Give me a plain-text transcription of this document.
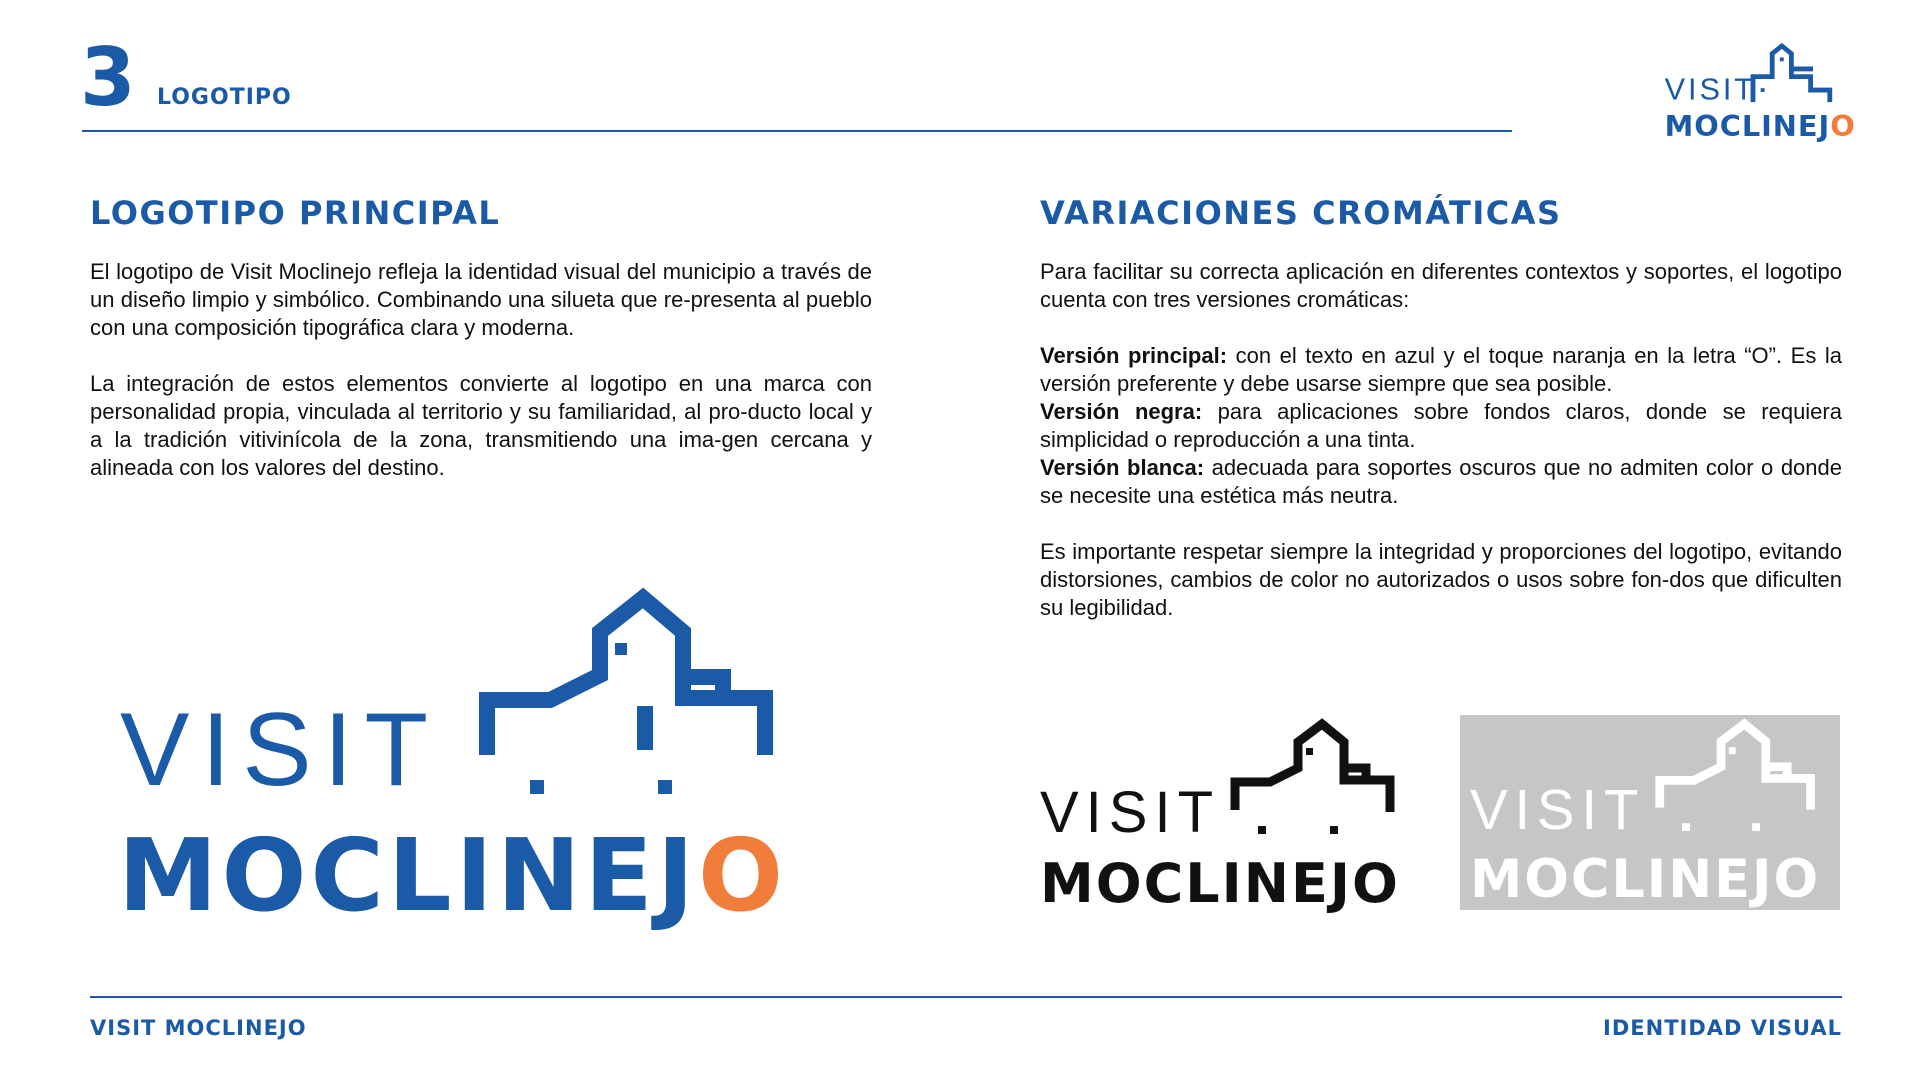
3 LOGOTIPO	VISIT
MOCLINEJO
LOGOTIPO PRINCIPAL

El logotipo de Visit Moclinejo refleja la identidad visual del municipio a través de un diseño limpio y simbólico. Combinando una silueta que re-presenta al pueblo con una composición tipográfica clara y moderna.

La integración de estos elementos convierte al logotipo en una marca con personalidad propia, vinculada al territorio y su familiaridad, al pro-ducto local y a la tradición vitivinícola de la zona, transmitiendo una ima-gen cercana y alineada con los valores del destino.

VISIT
MOCLINEJO
VARIACIONES CROMÁTICAS

Para facilitar su correcta aplicación en diferentes contextos y soportes, el logotipo cuenta con tres versiones cromáticas:

Versión principal: con el texto en azul y el toque naranja en la letra “O”. Es la versión preferente y debe usarse siempre que sea posible.
Versión negra: para aplicaciones sobre fondos claros, donde se requiera simplicidad o reproducción a una tinta.
Versión blanca: adecuada para soportes oscuros que no admiten color o donde se necesite una estética más neutra.

Es importante respetar siempre la integridad y proporciones del logotipo, evitando distorsiones, cambios de color no autorizados o usos sobre fon-dos que dificulten su legibilidad.

VISIT
MOCLINEJO
VISIT
MOCLINEJO
VISIT MOCLINEJO	IDENTIDAD VISUAL
